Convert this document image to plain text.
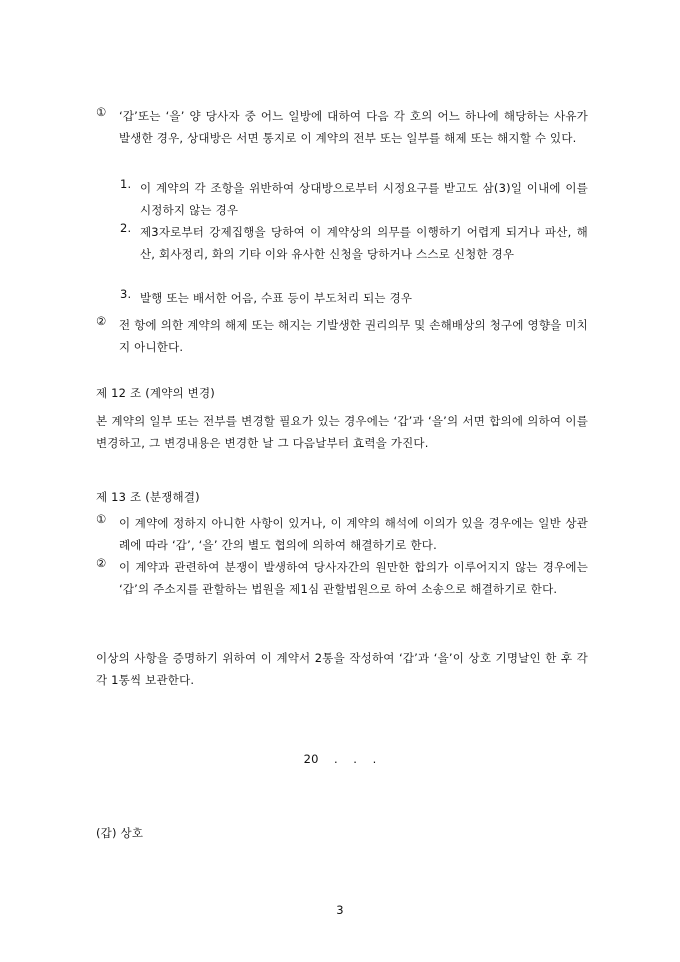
①	‘갑’또는 ‘을’ 양 당사자 중 어느 일방에 대하여 다음 각 호의 어느 하나에 해당하는 사유가 발생한 경우, 상대방은 서면 통지로 이 계약의 전부 또는 일부를 해제 또는 해지할 수 있다.
1. 이 계약의 각 조항을 위반하여 상대방으로부터 시정요구를 받고도 삼(3)일 이내에 이를 시정하지 않는 경우
2. 제3자로부터 강제집행을 당하여 이 계약상의 의무를 이행하기 어렵게 되거나 파산, 해산, 회사정리, 화의 기타 이와 유사한 신청을 당하거나 스스로 신청한 경우
3. 발행 또는 배서한 어음, 수표 등이 부도처리 되는 경우
②	전 항에 의한 계약의 해제 또는 해지는 기발생한 권리의무 및 손해배상의 청구에 영향을 미치지 아니한다.
제 12 조 (계약의 변경)
본 계약의 일부 또는 전부를 변경할 필요가 있는 경우에는 ‘갑’과 ‘을’의 서면 합의에 의하여 이를 변경하고, 그 변경내용은 변경한 날 그 다음날부터 효력을 가진다.
제 13 조 (분쟁해결)
①	이 계약에 정하지 아니한 사항이 있거나, 이 계약의 해석에 이의가 있을 경우에는 일반 상관례에 따라 ‘갑’, ‘을’ 간의 별도 협의에 의하여 해결하기로 한다.
②	이 계약과 관련하여 분쟁이 발생하여 당사자간의 원만한 합의가 이루어지지 않는 경우에는 ‘갑’의 주소지를 관할하는 법원을 제1심 관할법원으로 하여 소송으로 해결하기로 한다.
이상의 사항을 증명하기 위하여 이 계약서 2통을 작성하여 ‘갑’과 ‘을’이 상호 기명날인 한 후 각각 1통씩 보관한다.
20    .    .    .
(갑) 상호
3
